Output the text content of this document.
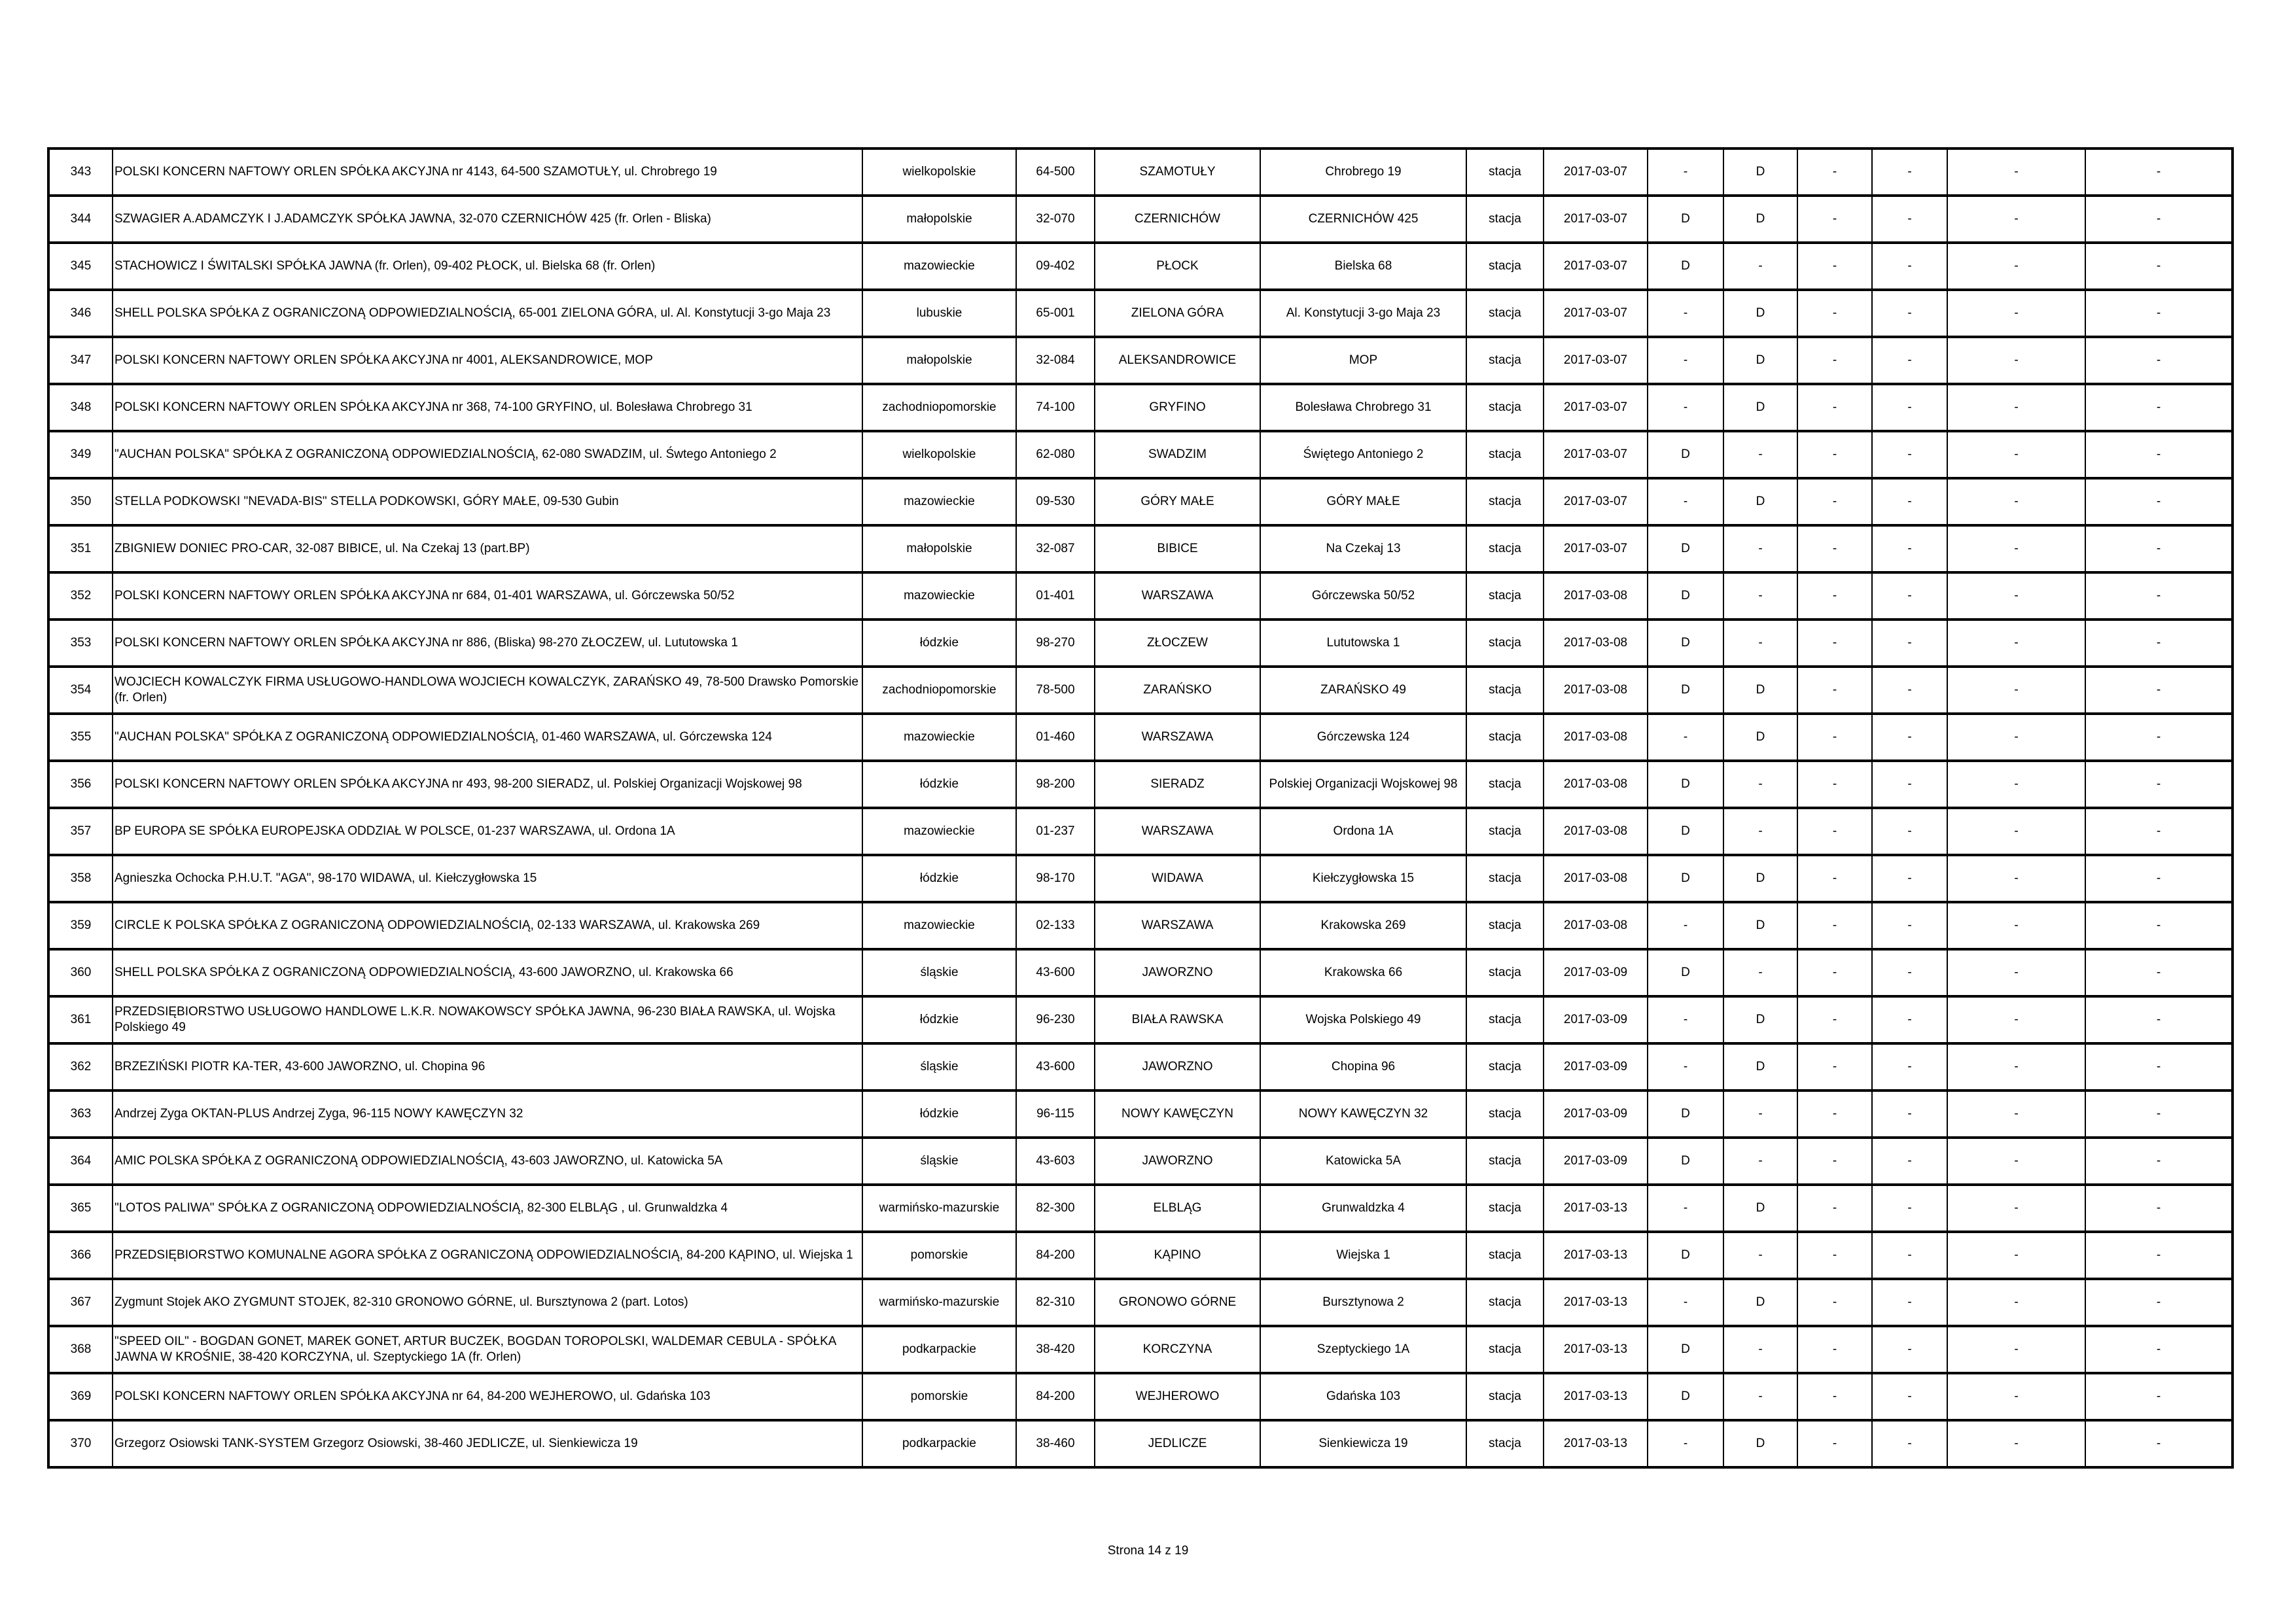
343	POLSKI KONCERN NAFTOWY ORLEN SPÓŁKA AKCYJNA nr 4143, 64-500 SZAMOTUŁY, ul. Chrobrego 19	wielkopolskie	64-500	SZAMOTUŁY	Chrobrego 19	stacja	2017-03-07	-	D	-	-	-	-
344	SZWAGIER A.ADAMCZYK I J.ADAMCZYK SPÓŁKA JAWNA, 32-070 CZERNICHÓW 425 (fr. Orlen - Bliska)	małopolskie	32-070	CZERNICHÓW	CZERNICHÓW 425	stacja	2017-03-07	D	D	-	-	-	-
345	STACHOWICZ I ŚWITALSKI SPÓŁKA JAWNA (fr. Orlen), 09-402 PŁOCK, ul. Bielska 68 (fr. Orlen)	mazowieckie	09-402	PŁOCK	Bielska 68	stacja	2017-03-07	D	-	-	-	-	-
346	SHELL POLSKA SPÓŁKA Z OGRANICZONĄ ODPOWIEDZIALNOŚCIĄ, 65-001 ZIELONA GÓRA, ul. Al. Konstytucji 3-go Maja 23	lubuskie	65-001	ZIELONA GÓRA	Al. Konstytucji 3-go Maja 23	stacja	2017-03-07	-	D	-	-	-	-
347	POLSKI KONCERN NAFTOWY ORLEN SPÓŁKA AKCYJNA nr 4001, ALEKSANDROWICE, MOP	małopolskie	32-084	ALEKSANDROWICE	MOP	stacja	2017-03-07	-	D	-	-	-	-
348	POLSKI KONCERN NAFTOWY ORLEN SPÓŁKA AKCYJNA nr 368, 74-100 GRYFINO, ul. Bolesława Chrobrego 31	zachodniopomorskie	74-100	GRYFINO	Bolesława Chrobrego 31	stacja	2017-03-07	-	D	-	-	-	-
349	"AUCHAN POLSKA" SPÓŁKA Z OGRANICZONĄ ODPOWIEDZIALNOŚCIĄ, 62-080 SWADZIM, ul. Śwtego Antoniego 2	wielkopolskie	62-080	SWADZIM	Świętego Antoniego 2	stacja	2017-03-07	D	-	-	-	-	-
350	STELLA PODKOWSKI "NEVADA-BIS" STELLA PODKOWSKI, GÓRY MAŁE, 09-530 Gubin	mazowieckie	09-530	GÓRY MAŁE	GÓRY MAŁE	stacja	2017-03-07	-	D	-	-	-	-
351	ZBIGNIEW DONIEC PRO-CAR, 32-087 BIBICE, ul. Na Czekaj 13 (part.BP)	małopolskie	32-087	BIBICE	Na Czekaj 13	stacja	2017-03-07	D	-	-	-	-	-
352	POLSKI KONCERN NAFTOWY ORLEN SPÓŁKA AKCYJNA nr 684, 01-401 WARSZAWA, ul. Górczewska 50/52	mazowieckie	01-401	WARSZAWA	Górczewska 50/52	stacja	2017-03-08	D	-	-	-	-	-
353	POLSKI KONCERN NAFTOWY ORLEN SPÓŁKA AKCYJNA nr 886, (Bliska) 98-270 ZŁOCZEW, ul. Lututowska 1	łódzkie	98-270	ZŁOCZEW	Lututowska 1	stacja	2017-03-08	D	-	-	-	-	-
354	WOJCIECH KOWALCZYK FIRMA USŁUGOWO-HANDLOWA WOJCIECH KOWALCZYK, ZARAŃSKO 49, 78-500 Drawsko Pomorskie (fr. Orlen)	zachodniopomorskie	78-500	ZARAŃSKO	ZARAŃSKO 49	stacja	2017-03-08	D	D	-	-	-	-
355	"AUCHAN POLSKA" SPÓŁKA Z OGRANICZONĄ ODPOWIEDZIALNOŚCIĄ, 01-460 WARSZAWA, ul. Górczewska 124	mazowieckie	01-460	WARSZAWA	Górczewska 124	stacja	2017-03-08	-	D	-	-	-	-
356	POLSKI KONCERN NAFTOWY ORLEN SPÓŁKA AKCYJNA nr 493, 98-200 SIERADZ, ul. Polskiej Organizacji Wojskowej 98	łódzkie	98-200	SIERADZ	Polskiej Organizacji Wojskowej 98	stacja	2017-03-08	D	-	-	-	-	-
357	BP EUROPA SE SPÓŁKA EUROPEJSKA ODDZIAŁ W POLSCE, 01-237 WARSZAWA, ul. Ordona 1A	mazowieckie	01-237	WARSZAWA	Ordona 1A	stacja	2017-03-08	D	-	-	-	-	-
358	Agnieszka Ochocka P.H.U.T. "AGA", 98-170 WIDAWA, ul. Kiełczygłowska 15	łódzkie	98-170	WIDAWA	Kiełczygłowska 15	stacja	2017-03-08	D	D	-	-	-	-
359	CIRCLE K POLSKA SPÓŁKA Z OGRANICZONĄ ODPOWIEDZIALNOŚCIĄ, 02-133 WARSZAWA, ul. Krakowska 269	mazowieckie	02-133	WARSZAWA	Krakowska 269	stacja	2017-03-08	-	D	-	-	-	-
360	SHELL POLSKA SPÓŁKA Z OGRANICZONĄ ODPOWIEDZIALNOŚCIĄ, 43-600 JAWORZNO, ul. Krakowska 66	śląskie	43-600	JAWORZNO	Krakowska 66	stacja	2017-03-09	D	-	-	-	-	-
361	PRZEDSIĘBIORSTWO USŁUGOWO HANDLOWE L.K.R. NOWAKOWSCY SPÓŁKA JAWNA, 96-230 BIAŁA RAWSKA, ul. Wojska Polskiego 49	łódzkie	96-230	BIAŁA RAWSKA	Wojska Polskiego 49	stacja	2017-03-09	-	D	-	-	-	-
362	BRZEZIŃSKI PIOTR KA-TER, 43-600 JAWORZNO, ul. Chopina 96	śląskie	43-600	JAWORZNO	Chopina 96	stacja	2017-03-09	-	D	-	-	-	-
363	Andrzej Zyga OKTAN-PLUS Andrzej Zyga, 96-115 NOWY KAWĘCZYN 32	łódzkie	96-115	NOWY KAWĘCZYN	NOWY KAWĘCZYN 32	stacja	2017-03-09	D	-	-	-	-	-
364	AMIC POLSKA SPÓŁKA Z OGRANICZONĄ ODPOWIEDZIALNOŚCIĄ, 43-603 JAWORZNO, ul. Katowicka 5A	śląskie	43-603	JAWORZNO	Katowicka 5A	stacja	2017-03-09	D	-	-	-	-	-
365	"LOTOS PALIWA" SPÓŁKA Z OGRANICZONĄ ODPOWIEDZIALNOŚCIĄ, 82-300 ELBLĄG , ul. Grunwaldzka 4	warmińsko-mazurskie	82-300	ELBLĄG	Grunwaldzka 4	stacja	2017-03-13	-	D	-	-	-	-
366	PRZEDSIĘBIORSTWO KOMUNALNE AGORA SPÓŁKA Z OGRANICZONĄ ODPOWIEDZIALNOŚCIĄ, 84-200 KĄPINO, ul. Wiejska 1	pomorskie	84-200	KĄPINO	Wiejska 1	stacja	2017-03-13	D	-	-	-	-	-
367	Zygmunt Stojek AKO ZYGMUNT STOJEK, 82-310 GRONOWO GÓRNE, ul. Bursztynowa 2 (part. Lotos)	warmińsko-mazurskie	82-310	GRONOWO GÓRNE	Bursztynowa 2	stacja	2017-03-13	-	D	-	-	-	-
368	"SPEED OIL" - BOGDAN GONET, MAREK GONET, ARTUR BUCZEK, BOGDAN TOROPOLSKI, WALDEMAR CEBULA - SPÓŁKA JAWNA W KROŚNIE, 38-420 KORCZYNA, ul. Szeptyckiego 1A (fr. Orlen)	podkarpackie	38-420	KORCZYNA	Szeptyckiego 1A	stacja	2017-03-13	D	-	-	-	-	-
369	POLSKI KONCERN NAFTOWY ORLEN SPÓŁKA AKCYJNA nr 64, 84-200 WEJHEROWO, ul. Gdańska 103	pomorskie	84-200	WEJHEROWO	Gdańska 103	stacja	2017-03-13	D	-	-	-	-	-
370	Grzegorz Osiowski TANK-SYSTEM Grzegorz Osiowski, 38-460 JEDLICZE, ul. Sienkiewicza 19	podkarpackie	38-460	JEDLICZE	Sienkiewicza 19	stacja	2017-03-13	-	D	-	-	-	-
Strona 14 z 19
